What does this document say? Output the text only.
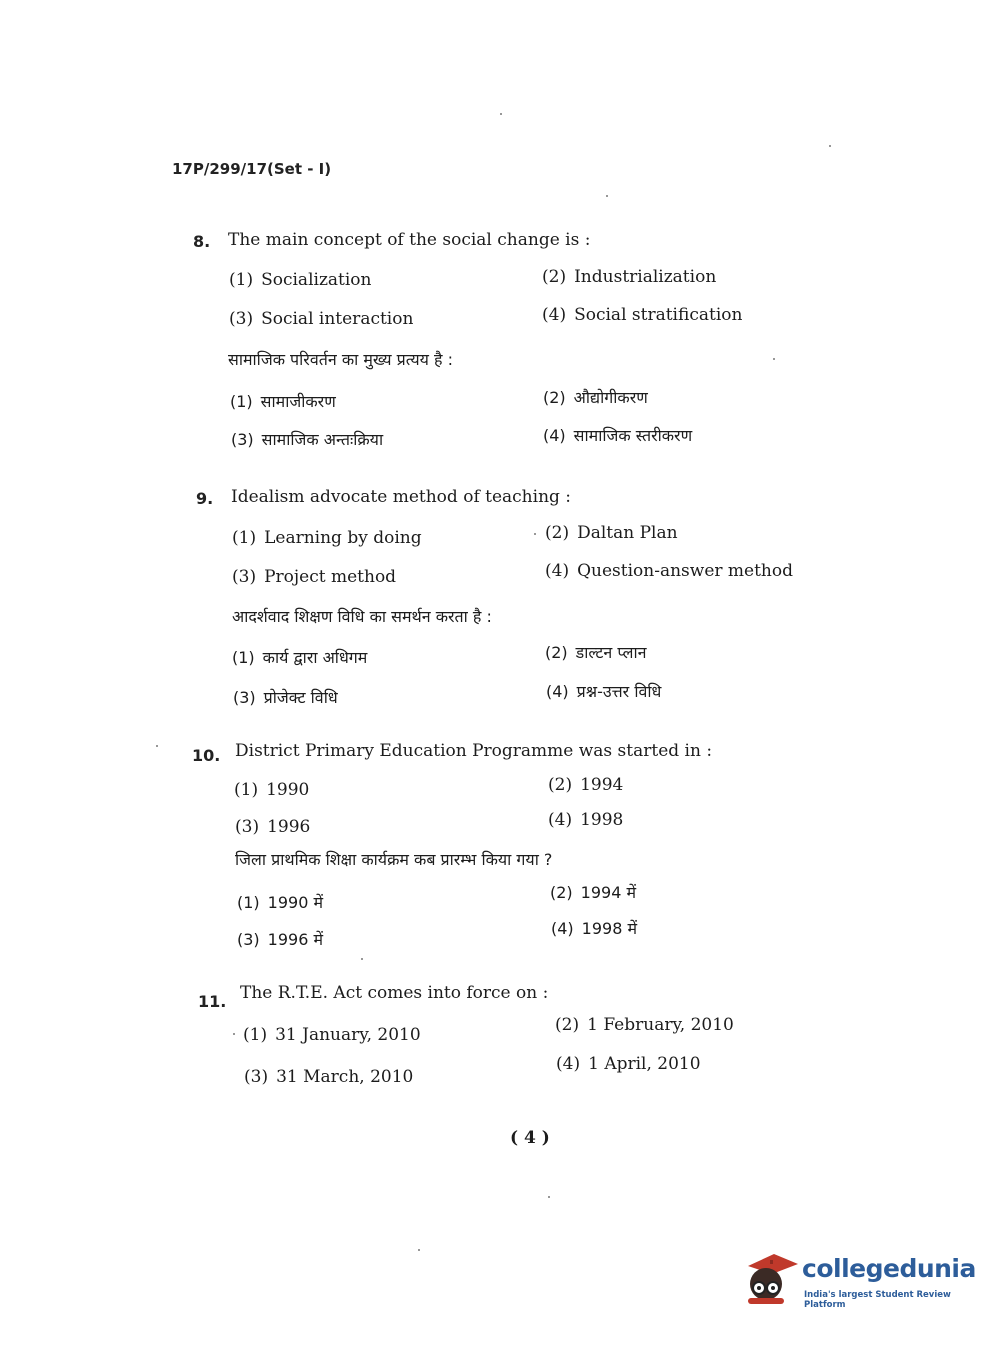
17P/299/17(Set - I)
8. The main concept of the social change is :
(1) Socialization	(2) Industrialization
(3) Social interaction	(4) Social stratification
सामाजिक परिवर्तन का मुख्य प्रत्यय है :
(1) सामाजीकरण	(2) औद्योगीकरण
(3) सामाजिक अन्तःक्रिया	(4) सामाजिक स्तरीकरण
9. Idealism advocate method of teaching :
(1) Learning by doing	(2) Daltan Plan
(3) Project method	(4) Question-answer method
आदर्शवाद शिक्षण विधि का समर्थन करता है :
(1) कार्य द्वारा अधिगम	(2) डाल्टन प्लान
(3) प्रोजेक्ट विधि	(4) प्रश्न-उत्तर विधि
10. District Primary Education Programme was started in :
(1) 1990	(2) 1994
(3) 1996	(4) 1998
जिला प्राथमिक शिक्षा कार्यक्रम कब प्रारम्भ किया गया ?
(1) 1990 में
(2) 1994 में
(3) 1996 में
(4) 1998 में
11. The R.T.E. Act comes into force on :
(1) 31 January, 2010	(2) 1 February, 2010
(3) 31 March, 2010
(4) 1 April, 2010
( 4 )
collegedunia
India's largest Student Review Platform
